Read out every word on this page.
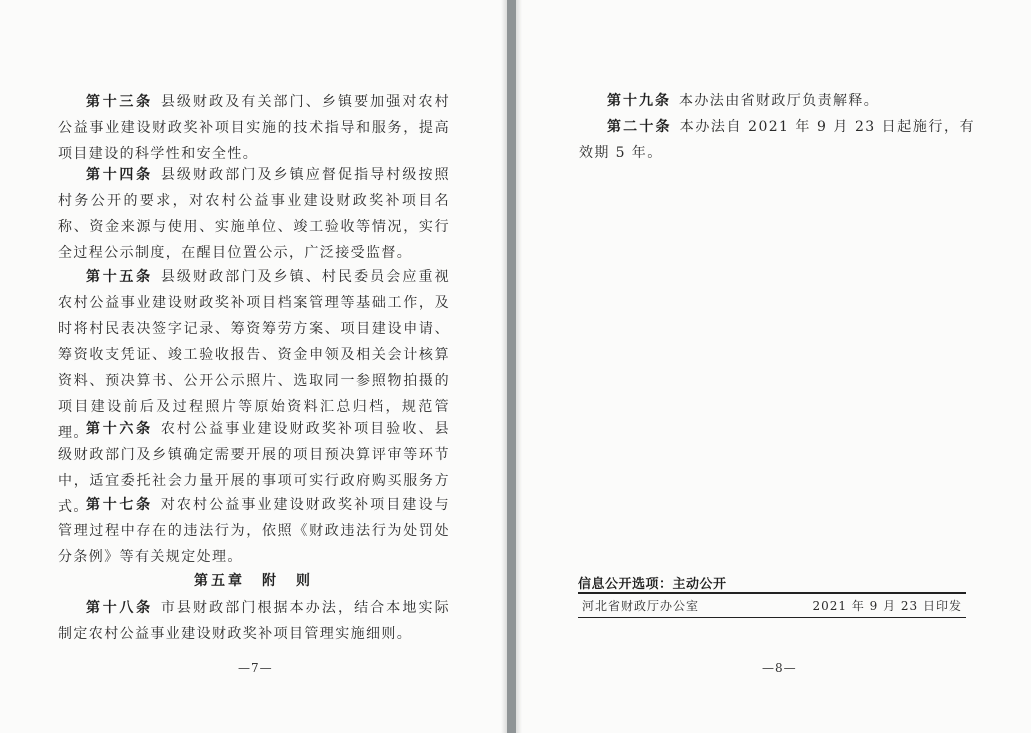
第十三条 县级财政及有关部门、乡镇要加强对农村公益事业建设财政奖补项目实施的技术指导和服务，提高项目建设的科学性和安全性。

第十四条 县级财政部门及乡镇应督促指导村级按照村务公开的要求，对农村公益事业建设财政奖补项目名称、资金来源与使用、实施单位、竣工验收等情况，实行全过程公示制度，在醒目位置公示，广泛接受监督。

第十五条 县级财政部门及乡镇、村民委员会应重视农村公益事业建设财政奖补项目档案管理等基础工作，及时将村民表决签字记录、筹资筹劳方案、项目建设申请、筹资收支凭证、竣工验收报告、资金申领及相关会计核算资料、预决算书、公开公示照片、选取同一参照物拍摄的项目建设前后及过程照片等原始资料汇总归档，规范管理。

第十六条 农村公益事业建设财政奖补项目验收、县级财政部门及乡镇确定需要开展的项目预决算评审等环节中，适宜委托社会力量开展的事项可实行政府购买服务方式。

第十七条 对农村公益事业建设财政奖补项目建设与管理过程中存在的违法行为，依照《财政违法行为处罚处分条例》等有关规定处理。

第五章　附　则

第十八条 市县财政部门根据本办法，结合本地实际制定农村公益事业建设财政奖补项目管理实施细则。

—7—

第十九条 本办法由省财政厅负责解释。

第二十条 本办法自 2021 年 9 月 23 日起施行，有效期 5 年。

信息公开选项：主动公开
河北省财政厅办公室	2021 年 9 月 23 日印发
—8—
